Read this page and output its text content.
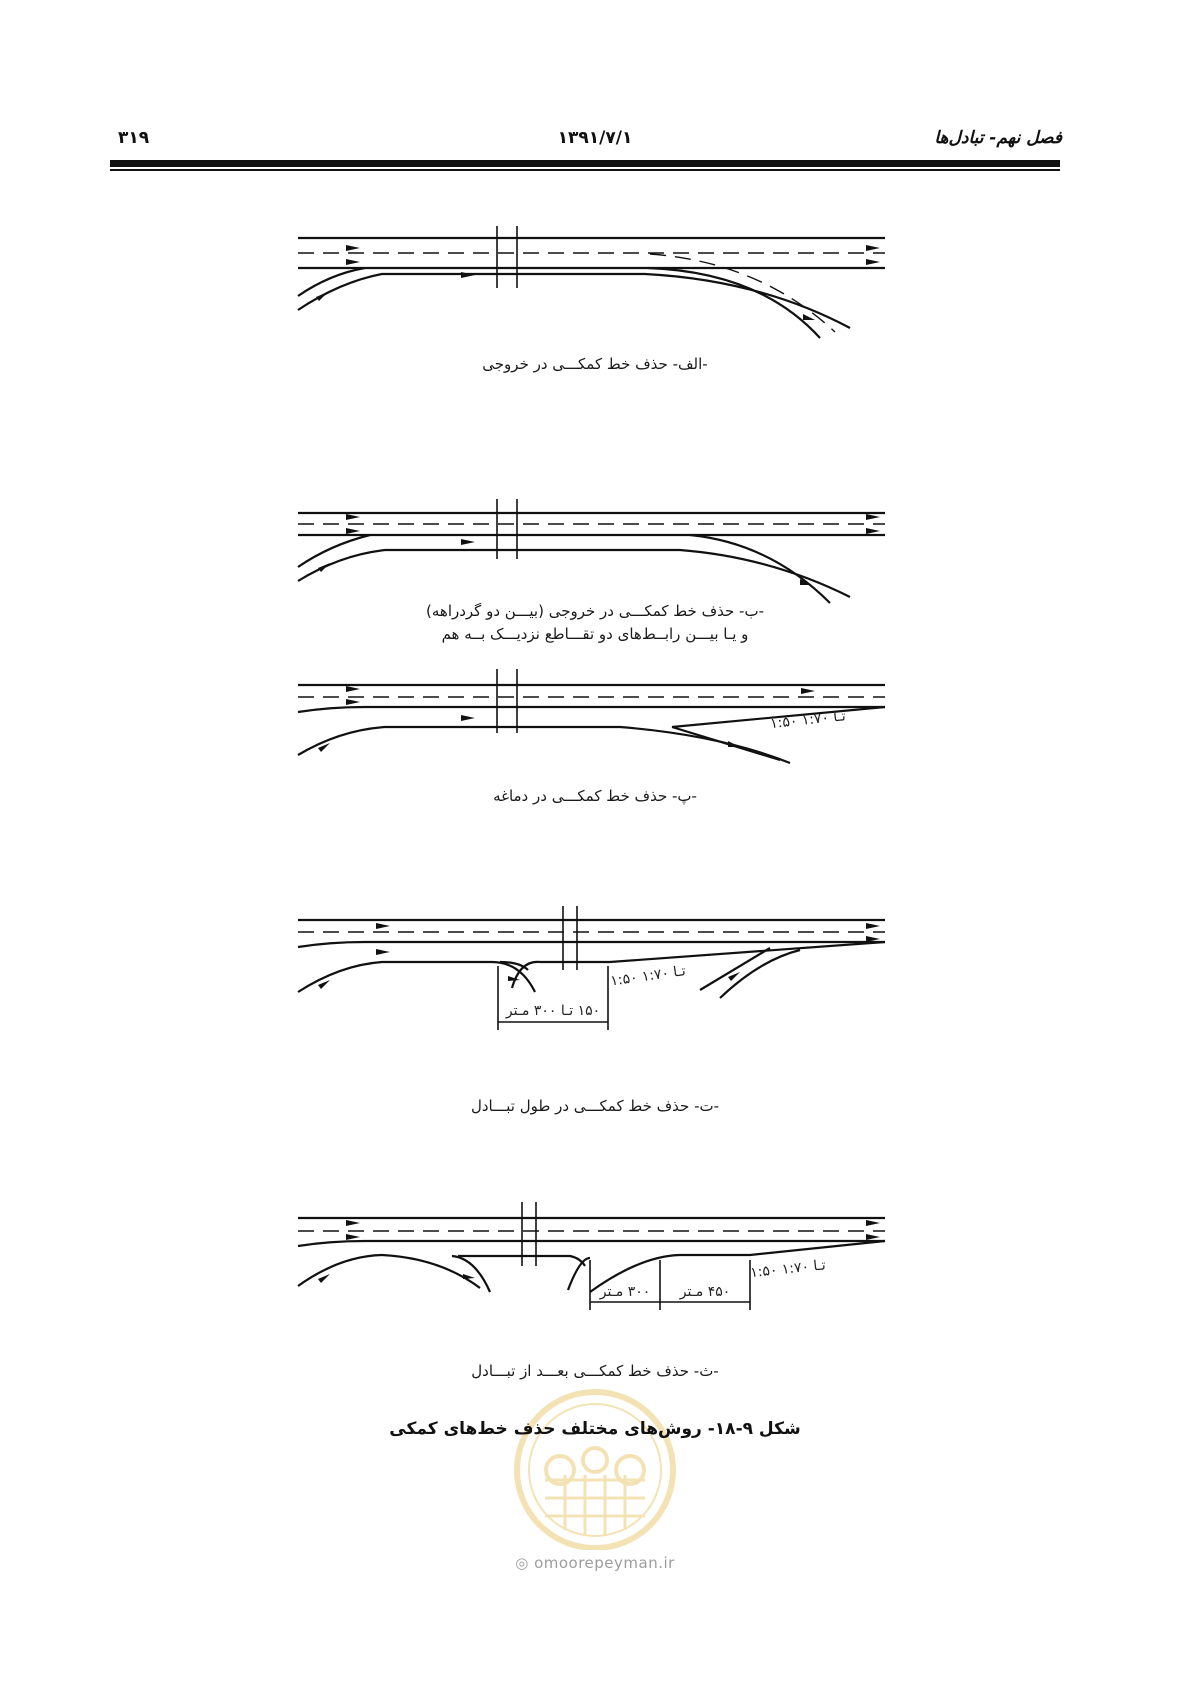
فصل نهم- تبادل‌ها
۱۳۹۱/۷/۱
۳۱۹
-الف- حذف خط کمکـــی در خروجی
-ب- حذف خط کمکـــی در خروجی (بیـــن دو گردراهه)
و یـا بیـــن رابــط‌های دو تقـــاطع نزدیـــک بــه هم
۱:۵۰ تـا ۱:۷۰
-پ- حذف خط کمکـــی در دماغه
۱:۵۰ تـا ۱:۷۰
۱۵۰ تـا ۳۰۰ مـتر
-ت- حذف خط کمکـــی در طول تبـــادل
۱:۵۰ تـا ۱:۷۰
۳۰۰ مـتر ۴۵۰ مـتر
-ث- حذف خط کمکـــی بعـــد از تبـــادل
شکل ۹-۱۸- روش‌های مختلف حذف خط‌های کمکی
◎ omoorepeyman.ir
